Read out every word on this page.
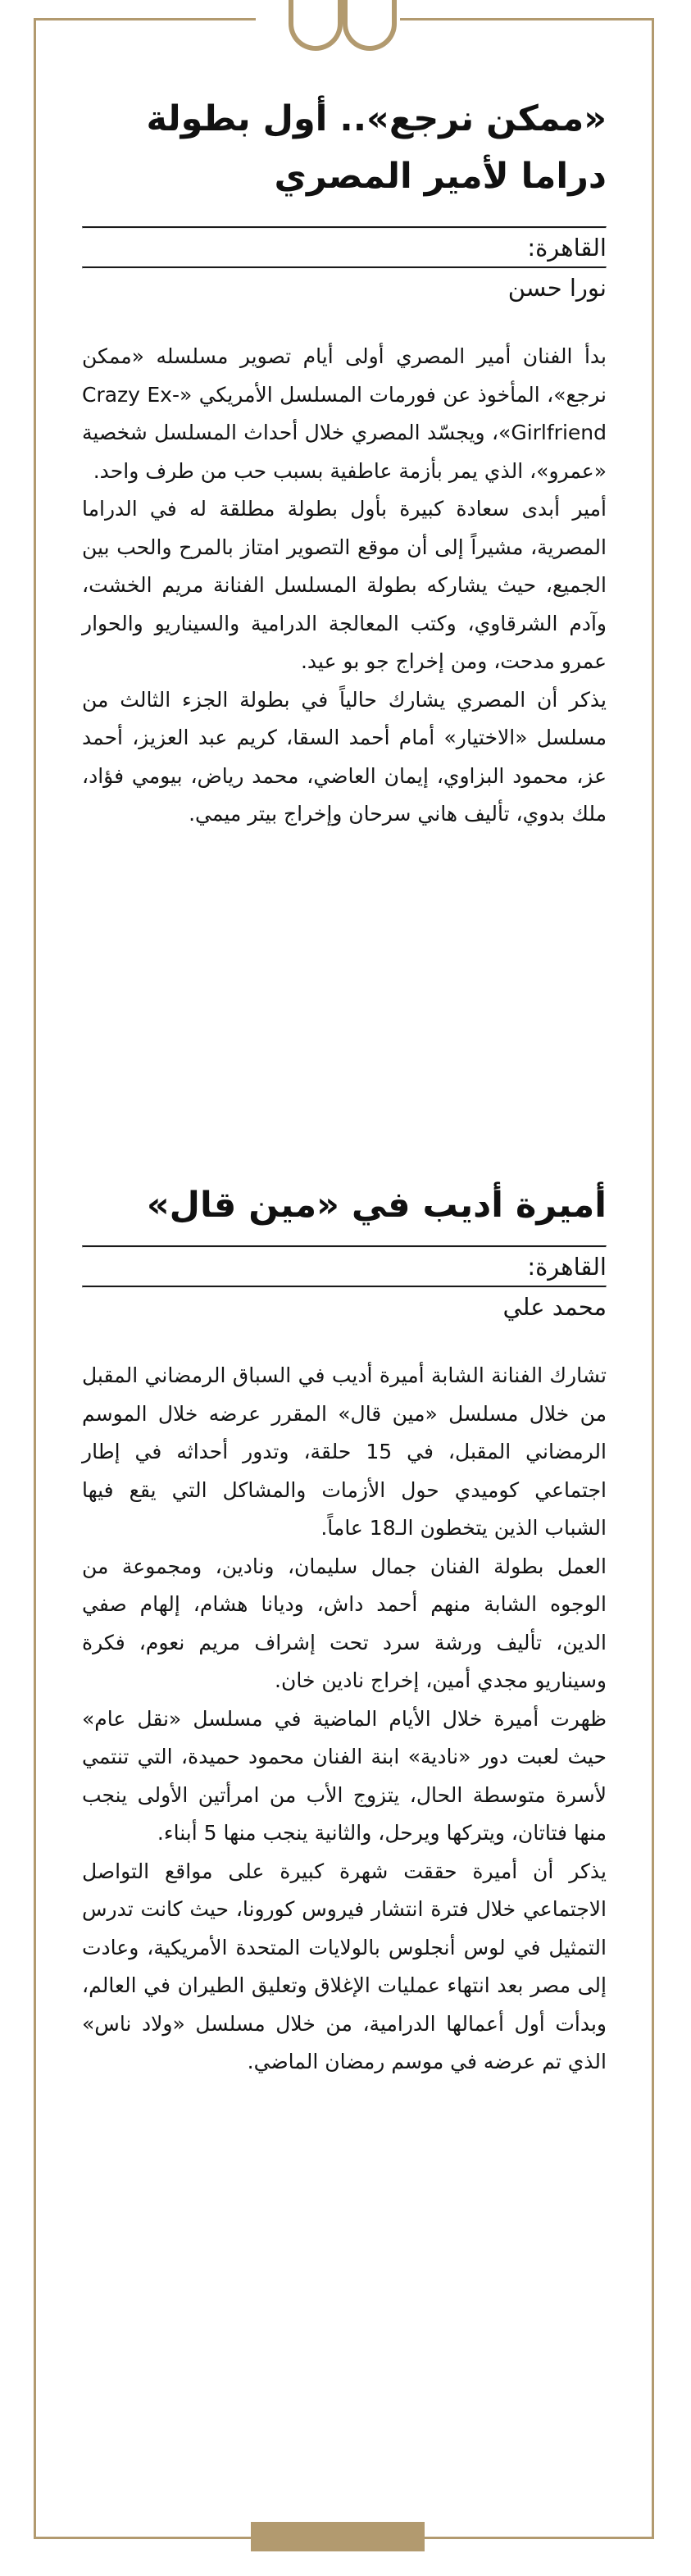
«ممكن نرجع».. أول بطولة دراما لأمير المصري

القاهرة:

نورا حسن

بدأ الفنان أمير المصري أولى أيام تصوير مسلسله «ممكن نرجع»، المأخوذ عن فورمات المسلسل الأمريكي «Crazy Ex-Girlfriend»، ويجسّد المصري خلال أحداث المسلسل شخصية «عمرو»، الذي يمر بأزمة عاطفية بسبب حب من طرف واحد.

أمير أبدى سعادة كبيرة بأول بطولة مطلقة له في الدراما المصرية، مشيراً إلى أن موقع التصوير امتاز بالمرح والحب بين الجميع، حيث يشاركه بطولة المسلسل الفنانة مريم الخشت، وآدم الشرقاوي، وكتب المعالجة الدرامية والسيناريو والحوار عمرو مدحت، ومن إخراج جو بو عيد.

يذكر أن المصري يشارك حالياً في بطولة الجزء الثالث من مسلسل «الاختيار» أمام أحمد السقا، كريم عبد العزيز، أحمد عز، محمود البزاوي، إيمان العاضي، محمد رياض، بيومي فؤاد، ملك بدوي، تأليف هاني سرحان وإخراج بيتر ميمي.

أميرة أديب في «مين قال»

القاهرة:

محمد علي

تشارك الفنانة الشابة أميرة أديب في السباق الرمضاني المقبل من خلال مسلسل «مين قال» المقرر عرضه خلال الموسم الرمضاني المقبل، في 15 حلقة، وتدور أحداثه في إطار اجتماعي كوميدي حول الأزمات والمشاكل التي يقع فيها الشباب الذين يتخطون الـ18 عاماً.

العمل بطولة الفنان جمال سليمان، ونادين، ومجموعة من الوجوه الشابة منهم أحمد داش، وديانا هشام، إلهام صفي الدين، تأليف ورشة سرد تحت إشراف مريم نعوم، فكرة وسيناريو مجدي أمين، إخراج نادين خان.

ظهرت أميرة خلال الأيام الماضية في مسلسل «نقل عام» حيث لعبت دور «نادية» ابنة الفنان محمود حميدة، التي تنتمي لأسرة متوسطة الحال، يتزوج الأب من امرأتين الأولى ينجب منها فتاتان، ويتركها ويرحل، والثانية ينجب منها 5 أبناء.

يذكر أن أميرة حققت شهرة كبيرة على مواقع التواصل الاجتماعي خلال فترة انتشار فيروس كورونا، حيث كانت تدرس التمثيل في لوس أنجلوس بالولايات المتحدة الأمريكية، وعادت إلى مصر بعد انتهاء عمليات الإغلاق وتعليق الطيران في العالم، وبدأت أول أعمالها الدرامية، من خلال مسلسل «ولاد ناس» الذي تم عرضه في موسم رمضان الماضي.
